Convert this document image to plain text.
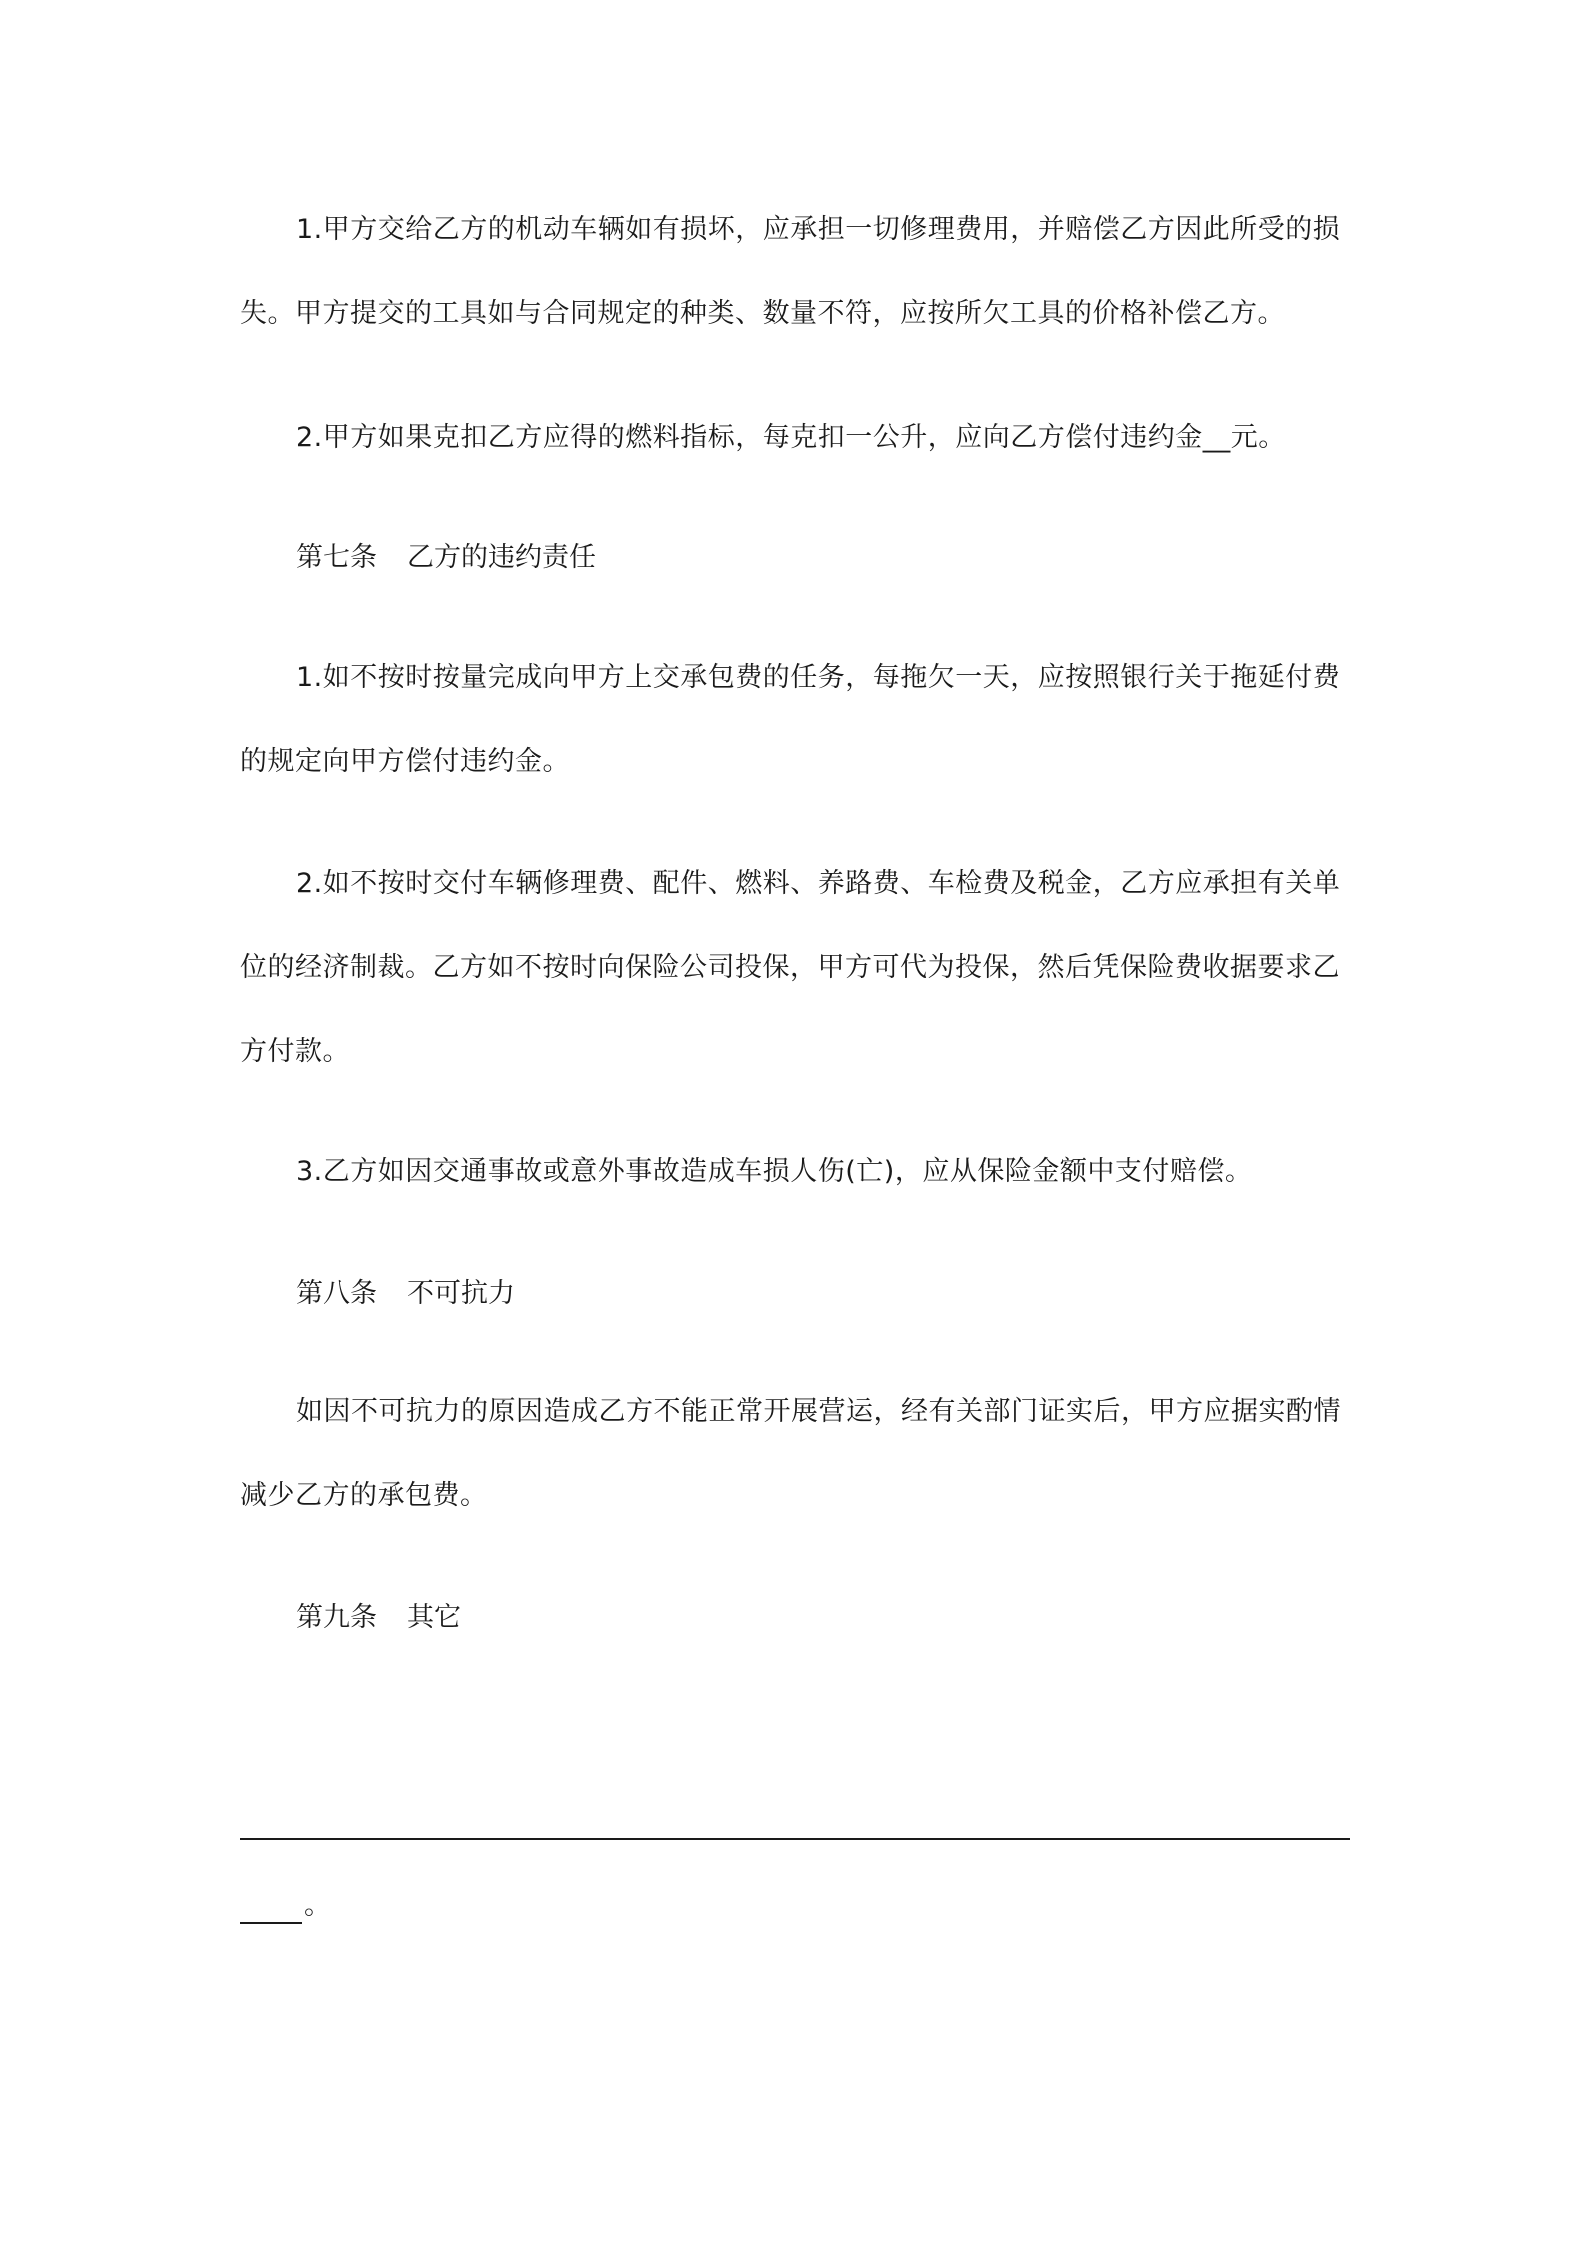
1.甲方交给乙方的机动车辆如有损坏，应承担一切修理费用，并赔偿乙方因此所受的损失。甲方提交的工具如与合同规定的种类、数量不符，应按所欠工具的价格补偿乙方。

2.甲方如果克扣乙方应得的燃料指标，每克扣一公升，应向乙方偿付违约金__元。

第七条 乙方的违约责任

1.如不按时按量完成向甲方上交承包费的任务，每拖欠一天，应按照银行关于拖延付费的规定向甲方偿付违约金。

2.如不按时交付车辆修理费、配件、燃料、养路费、车检费及税金，乙方应承担有关单位的经济制裁。乙方如不按时向保险公司投保，甲方可代为投保，然后凭保险费收据要求乙方付款。

3.乙方如因交通事故或意外事故造成车损人伤(亡)，应从保险金额中支付赔偿。

第八条 不可抗力

如因不可抗力的原因造成乙方不能正常开展营运，经有关部门证实后，甲方应据实酌情减少乙方的承包费。

第九条 其它

。
